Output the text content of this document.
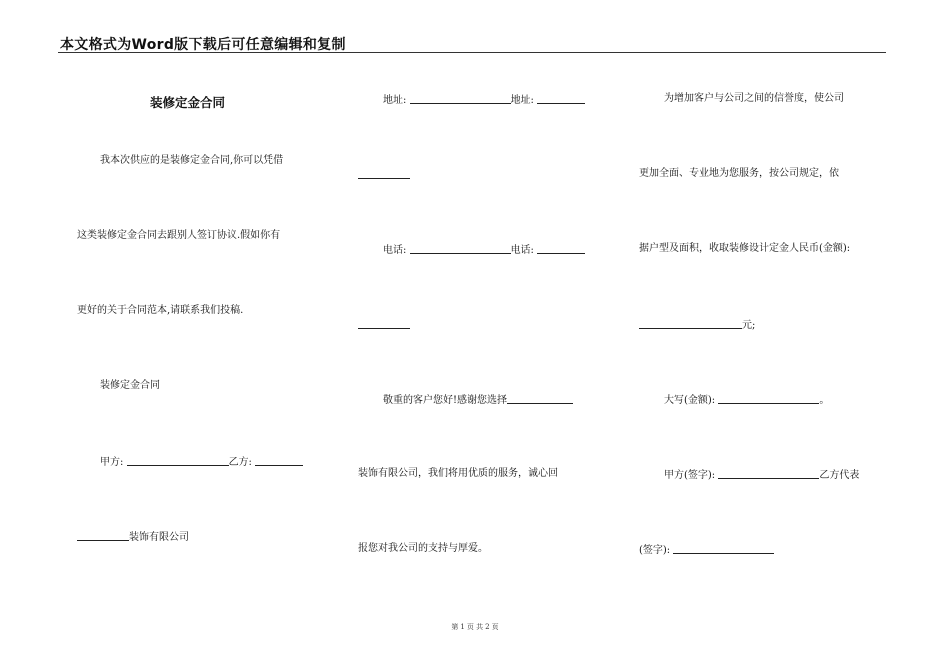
本文格式为Word版下载后可任意编辑和复制
装修定金合同
我本次供应的是装修定金合同,你可以凭借
这类装修定金合同去跟别人签订协议.假如你有
更好的关于合同范本,请联系我们投稿.
装修定金合同
甲方:	乙方:
装饰有限公司
地址:	地址:
电话:	电话:
敬重的客户您好!感谢您选择
装饰有限公司，我们将用优质的服务，诚心回
报您对我公司的支持与厚爱。
为增加客户与公司之间的信誉度，使公司
更加全面、专业地为您服务，按公司规定，依
据户型及面积，收取装修设计定金人民币(金额):
元;
大写(金额):	。
甲方(签字):	乙方代表
(签字):
第 1 页 共 2 页
